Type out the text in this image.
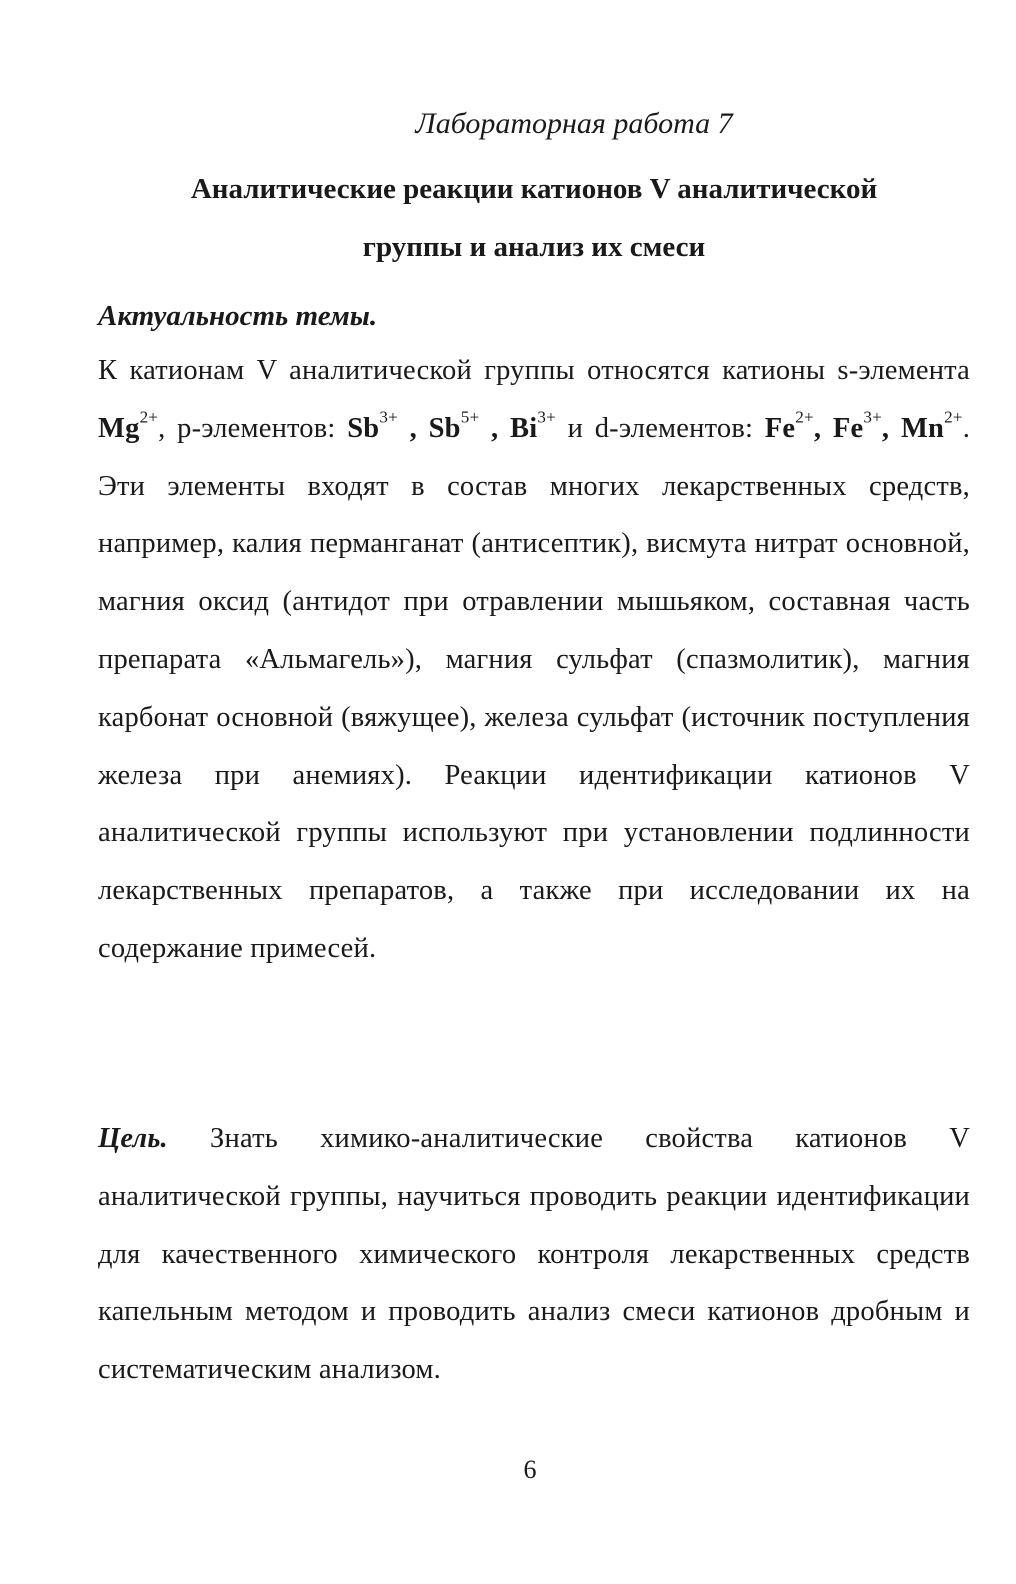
Лабораторная работа 7
Аналитические реакции катионов V аналитической
группы и анализ их смеси
Актуальность темы.

К катионам V аналитической группы относятся катионы s-элемента $Mg^{2+}$, p-элементов: $Sb^{3+}$ , $Sb^{5+}$ , $Bi^{3+}$ и d-элементов: $Fe^{2+}$, $Fe^{3+}$, $Mn^{2+}$. Эти элементы входят в состав многих лекарственных средств, например, калия перманганат (антисептик), висмута нитрат основной, магния оксид (антидот при отравлении мышьяком, составная часть препарата «Альмагель»), магния сульфат (спазмолитик), магния карбонат основной (вяжущее), железа сульфат (источник поступления железа при анемиях). Реакции идентификации катионов V аналитической группы используют при установлении подлинности лекарственных препаратов, а также при исследовании их на содержание примесей.

Цель. Знать химико-аналитические свойства катионов V аналитической группы, научиться проводить реакции идентификации для качественного химического контроля лекарственных средств капельным методом и проводить анализ смеси катионов дробным и систематическим анализом.

6
